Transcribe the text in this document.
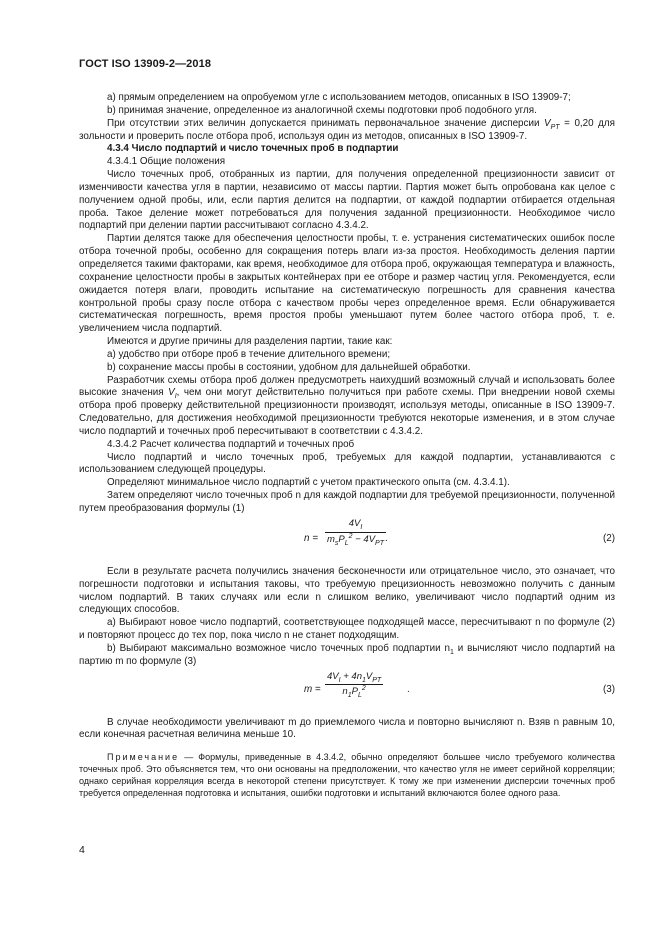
ГОСТ ISO 13909-2—2018

a) прямым определением на опробуемом угле с использованием методов, описанных в ISO 13909-7;

b) принимая значение, определенное из аналогичной схемы подготовки проб подобного угля.

При отсутствии этих величин допускается принимать первоначальное значение дисперсии $V_{PT} = 0,20$ для зольности и проверить после отбора проб, используя один из методов, описанных в ISO 13909-7.

4.3.4 Число подпартий и число точечных проб в подпартии

4.3.4.1 Общие положения

Число точечных проб, отобранных из партии, для получения определенной прецизионности зависит от изменчивости качества угля в партии, независимо от массы партии. Партия может быть опробована как целое с получением одной пробы, или, если партия делится на подпартии, от каждой подпартии отбирается отдельная проба. Такое деление может потребоваться для получения заданной прецизионности. Необходимое число подпартий при делении партии рассчитывают согласно 4.3.4.2.

Партии делятся также для обеспечения целостности пробы, т. е. устранения систематических ошибок после отбора точечной пробы, особенно для сокращения потерь влаги из-за простоя. Необходимость деления партии определяется такими факторами, как время, необходимое для отбора проб, окружающая температура и влажность, сохранение целостности пробы в закрытых контейнерах при ее отборе и размер частиц угля. Рекомендуется, если ожидается потеря влаги, проводить испытание на систематическую погрешность для сравнения качества контрольной пробы сразу после отбора с качеством пробы через определенное время. Если обнаруживается систематическая погрешность, время простоя пробы уменьшают путем более частого отбора проб, т. е. увеличением числа подпартий.

Имеются и другие причины для разделения партии, такие как:

a) удобство при отборе проб в течение длительного времени;

b) сохранение массы пробы в состоянии, удобном для дальнейшей обработки.

Разработчик схемы отбора проб должен предусмотреть наихудший возможный случай и использовать более высокие значения $V_I$, чем они могут действительно получиться при работе схемы. При внедрении новой схемы отбора проб проверку действительной прецизионности производят, используя методы, описанные в ISO 13909-7. Следовательно, для достижения необходимой прецизионности требуются некоторые изменения, и в этом случае число подпартий и точечных проб пересчитывают в соответствии с 4.3.4.2.

4.3.4.2 Расчет количества подпартий и точечных проб

Число подпартий и число точечных проб, требуемых для каждой подпартии, устанавливаются с использованием следующей процедуры.

Определяют минимальное число подпартий с учетом практического опыта (см. 4.3.4.1).

Затем определяют число точечных проб n для каждой подпартии для требуемой прецизионности, полученной путем преобразования формулы (1)

n =
$4V_I$
$m_sP_L^2 - 4V_{PT}$ .	(2)

Если в результате расчета получились значения бесконечности или отрицательное число, это означает, что погрешности подготовки и испытания таковы, что требуемую прецизионность невозможно получить с данным числом подпартий. В таких случаях или если n слишком велико, увеличивают число подпартий одним из следующих способов.

a) Выбирают новое число подпартий, соответствующее подходящей массе, пересчитывают n по формуле (2) и повторяют процесс до тех пор, пока число n не станет подходящим.

b) Выбирают максимально возможное число точечных проб подпартии $n_1$ и вычисляют число подпартий на партию m по формуле (3)

m =
$4V_I + 4n_1V_{PT}$
$n_1P_L^2$	.	(3)

В случае необходимости увеличивают m до приемлемого числа и повторно вычисляют n. Взяв n равным 10, если конечная расчетная величина меньше 10.

Примечание — Формулы, приведенные в 4.3.4.2, обычно определяют большее число требуемого количества точечных проб. Это объясняется тем, что они основаны на предположении, что качество угля не имеет серийной корреляции; однако серийная корреляция всегда в некоторой степени присутствует. К тому же при изменении дисперсии точечных проб требуется определенная подготовка и испытания, ошибки подготовки и испытаний включаются более одного раза.

4
